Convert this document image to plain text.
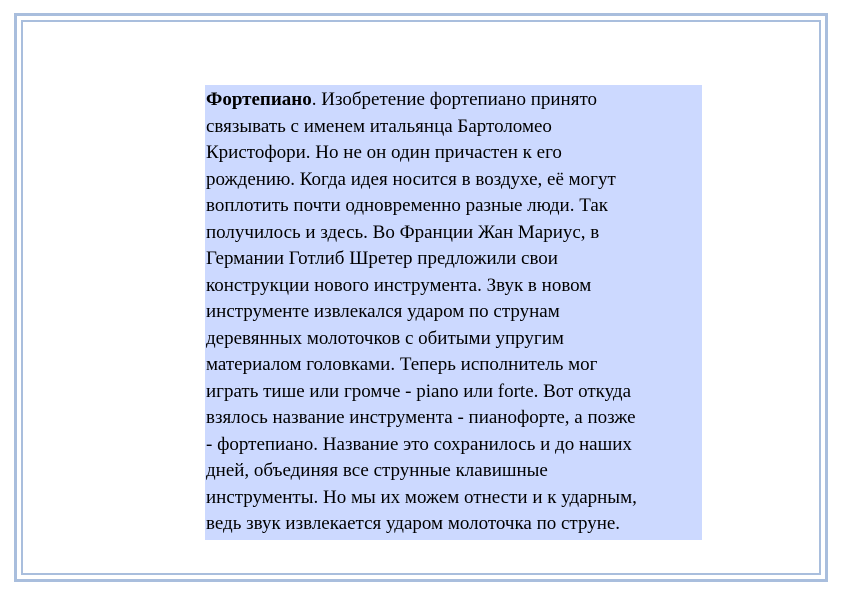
Фортепиано. Изобретение фортепиано принято
связывать с именем итальянца Бартоломео
Кристофори. Но не он один причастен к его
рождению. Когда идея носится в воздухе, её могут
воплотить почти одновременно разные люди. Так
получилось и здесь. Во Франции Жан Мариус, в
Германии Готлиб Шретер предложили свои
конструкции нового инструмента. Звук в новом
инструменте извлекался ударом по струнам
деревянных молоточков с обитыми упругим
материалом головками. Теперь исполнитель мог
играть тише или громче - piano или forte. Вот откуда
взялось название инструмента - пианофорте, а позже
- фортепиано. Название это сохранилось и до наших
дней, объединяя все струнные клавишные
инструменты. Но мы их можем отнести и к ударным,
ведь звук извлекается ударом молоточка по струне.
